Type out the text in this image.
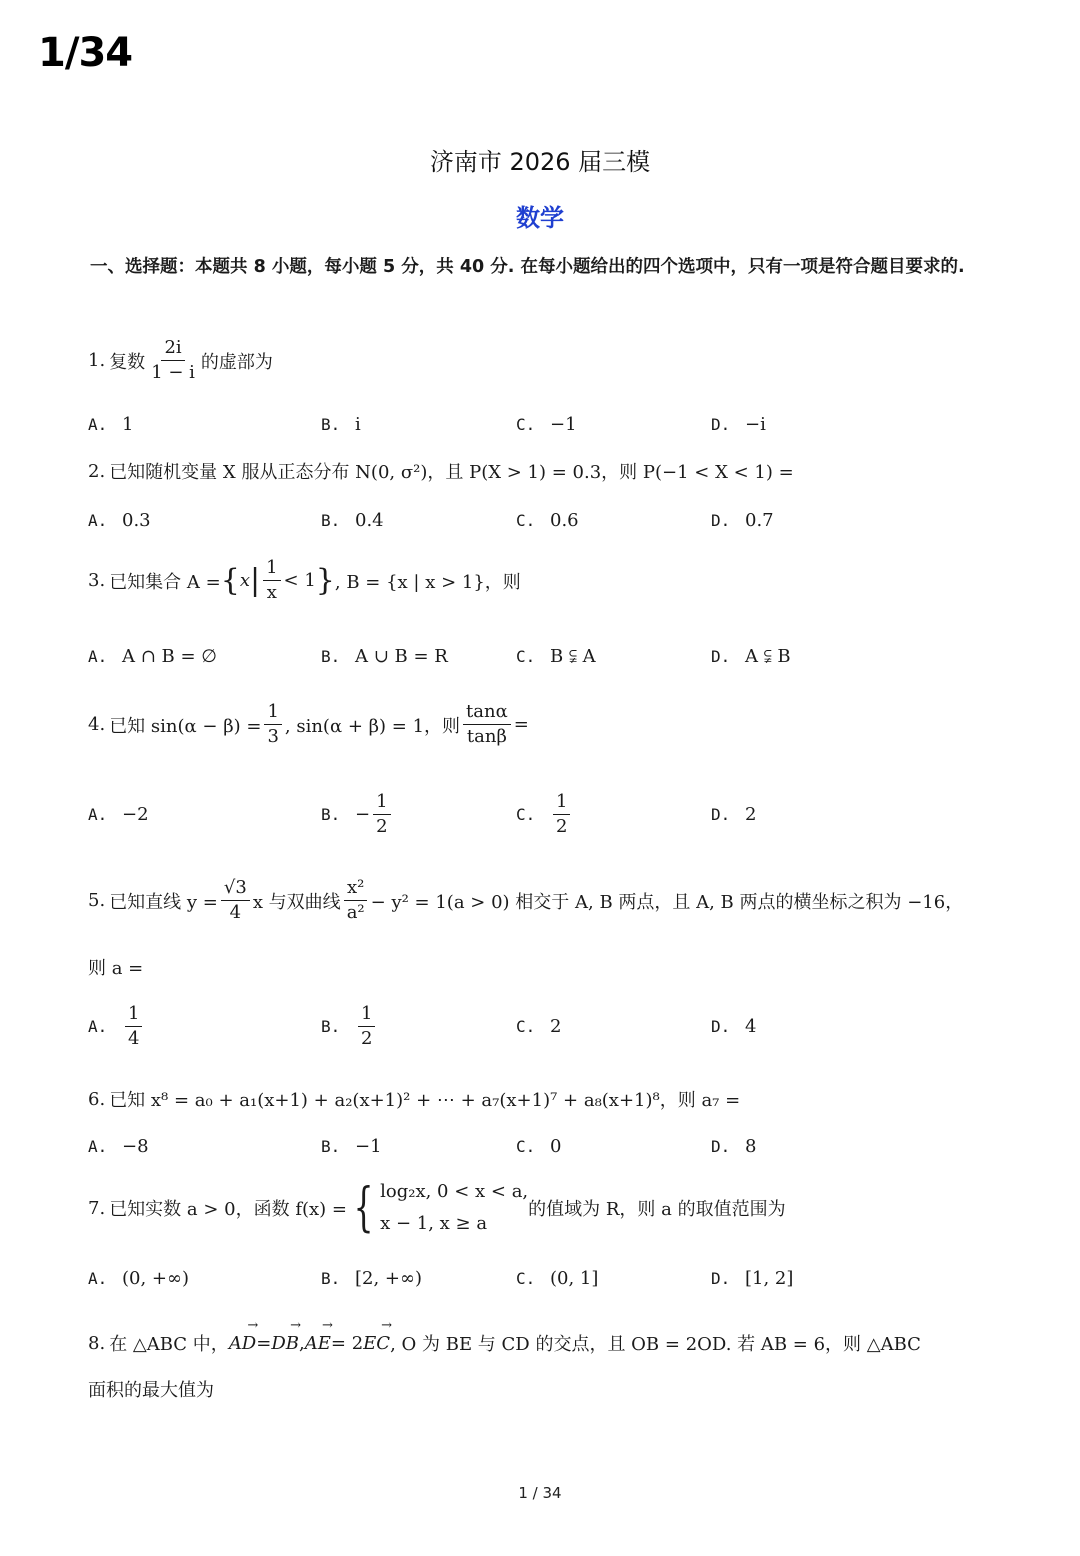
1/34
济南市 2026 届三模
数学
一、选择题：本题共 8 小题，每小题 5 分，共 40 分. 在每小题给出的四个选项中，只有一项是符合题目要求的.
1. 复数 $\frac{2i}{1 - i}$ 的虚部为
A. 1	B. i	C. −1	D. −i
2. 已知随机变量 X 服从正态分布 N(0, σ²)，且 P(X > 1) = 0.3，则 P(−1 < X < 1) =
A. 0.3	B. 0.4	C. 0.6	D. 0.7
3. 已知集合 A = { x | $\frac{1}{x} < 1$ } , B = {x | x > 1}，则
A. A ∩ B = ∅	B. A ∪ B = R	C. B ⫋ A	D. A ⫋ B
4. 已知 $\sin(\alpha - \beta) = \frac{1}{3}$ , sin(α + β) = 1，则 $\frac{\tan\alpha}{\tan\beta}$ =
A. −2	B. − $\frac{1}{2}$	C. $\frac{1}{2}$	D. 2
5. 已知直线 $y = \frac{√3}{4}$ x 与双曲线 $\frac{\text{x²}}{\text{a²}} - y^2 = 1(a > 0)$ 相交于 A, B 两点，且 A, B 两点的横坐标之积为 −16，
则 a =
A. $\frac{1}{4}$	B. $\frac{1}{2}$	C. 2	D. 4
6. 已知 x⁸ = a₀ + a₁(x+1) + a₂(x+1)² + ⋯ + a₇(x+1)⁷ + a₈(x+1)⁸，则 a₇ =
A. −8	B. −1	C. 0	D. 8
7. 已知实数 a > 0，函数 f(x) = { log₂x, 0 < x < a,
x − 1, x ≥ a
的值域为 R，则 a 的取值范围为
A. (0, +∞)	B. [2, +∞)	C. (0, 1]	D. [1, 2]
8. 在 △ABC 中， → AD = → DB , → AE = 2 → EC , O 为 BE 与 CD 的交点，且 OB = 2OD. 若 AB = 6，则 △ABC
面积的最大值为
1 / 34
